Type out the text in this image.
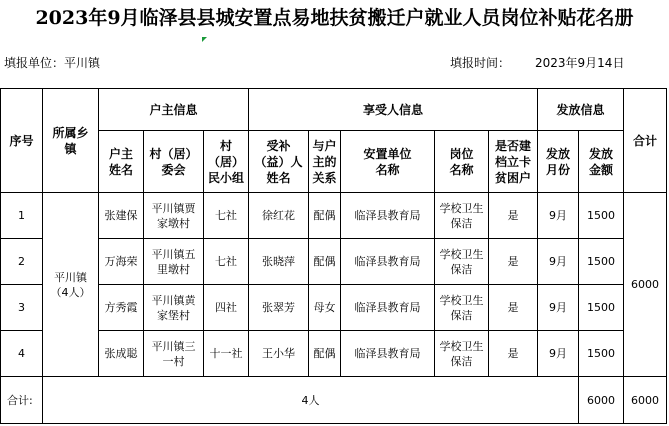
2023年9月临泽县县城安置点易地扶贫搬迁户就业人员岗位补贴花名册
填报单位：平川镇	填报时间： 2023年9月14日
序号	所属乡镇	户主信息			享受人信息					发放信息		合计

		户主姓名	村（居）委会	村（居）民小组	受补（益）人姓名	与户主的关系	安置单位名称	岗位名称	是否建档立卡贫困户	发放月份	发放金额	

1	平川镇（4人）	张建保	平川镇贾家墩村	七社	徐红花	配偶	临泽县教育局	学校卫生保洁	是	9月	1500	6000
2		万海荣	平川镇五里墩村	七社	张晓萍	配偶	临泽县教育局	学校卫生保洁	是	9月	1500	
3		方秀霞	平川镇黄家堡村	四社	张翠芳	母女	临泽县教育局	学校卫生保洁	是	9月	1500	
4		张成聪	平川镇三一村	十一社	王小华	配偶	临泽县教育局	学校卫生保洁	是	9月	1500	
合计:	4人										6000	6000
